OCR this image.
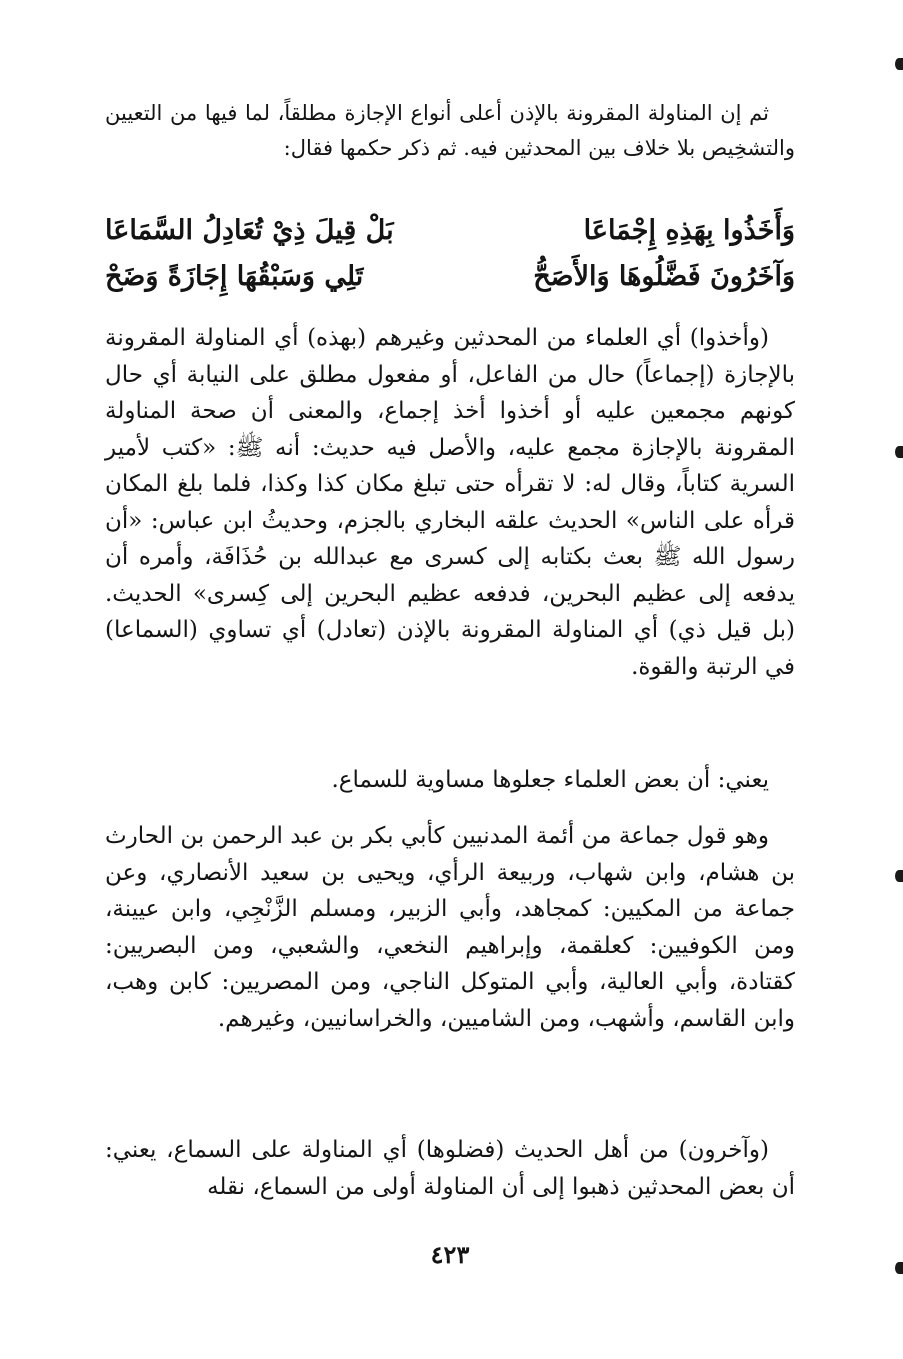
ثم إن المناولة المقرونة بالإذن أعلى أنواع الإجازة مطلقاً، لما فيها من التعيين والتشخِيص بلا خلاف بين المحدثين فيه. ثم ذكر حكمها فقال:

وَأَخَذُوا بِهَذِهِ إِجْمَاعَا
بَلْ قِيلَ ذِيْ تُعَادِلُ السَّمَاعَا
وَآخَرُونَ فَضَّلُوهَا وَالأَصَحُّ
تَلِي وَسَبْقُهَا إِجَازَةً وَضَحْ

(وأخذوا) أي العلماء من المحدثين وغيرهم (بهذه) أي المناولة المقرونة بالإجازة (إجماعاً) حال من الفاعل، أو مفعول مطلق على النيابة أي حال كونهم مجمعين عليه أو أخذوا أخذ إجماع، والمعنى أن صحة المناولة المقرونة بالإجازة مجمع عليه، والأصل فيه حديث: أنه ﷺ: «كتب لأمير السرية كتاباً، وقال له: لا تقرأه حتى تبلغ مكان كذا وكذا، فلما بلغ المكان قرأه على الناس» الحديث علقه البخاري بالجزم، وحديثُ ابن عباس: «أن رسول الله ﷺ بعث بكتابه إلى كسرى مع عبدالله بن حُذَافَة، وأمره أن يدفعه إلى عظيم البحرين، فدفعه عظيم البحرين إلى كِسرى» الحديث. (بل قيل ذي) أي المناولة المقرونة بالإذن (تعادل) أي تساوي (السماعا) في الرتبة والقوة.

يعني: أن بعض العلماء جعلوها مساوية للسماع.

وهو قول جماعة من أئمة المدنيين كأبي بكر بن عبد الرحمن بن الحارث بن هشام، وابن شهاب، وربيعة الرأي، ويحيى بن سعيد الأنصاري، وعن جماعة من المكيين: كمجاهد، وأبي الزبير، ومسلم الزَّنْجِي، وابن عيينة، ومن الكوفيين: كعلقمة، وإبراهيم النخعي، والشعبي، ومن البصريين: كقتادة، وأبي العالية، وأبي المتوكل الناجي، ومن المصريين: كابن وهب، وابن القاسم، وأشهب، ومن الشاميين، والخراسانيين، وغيرهم.

(وآخرون) من أهل الحديث (فضلوها) أي المناولة على السماع، يعني: أن بعض المحدثين ذهبوا إلى أن المناولة أولى من السماع، نقله

٤٢٣
